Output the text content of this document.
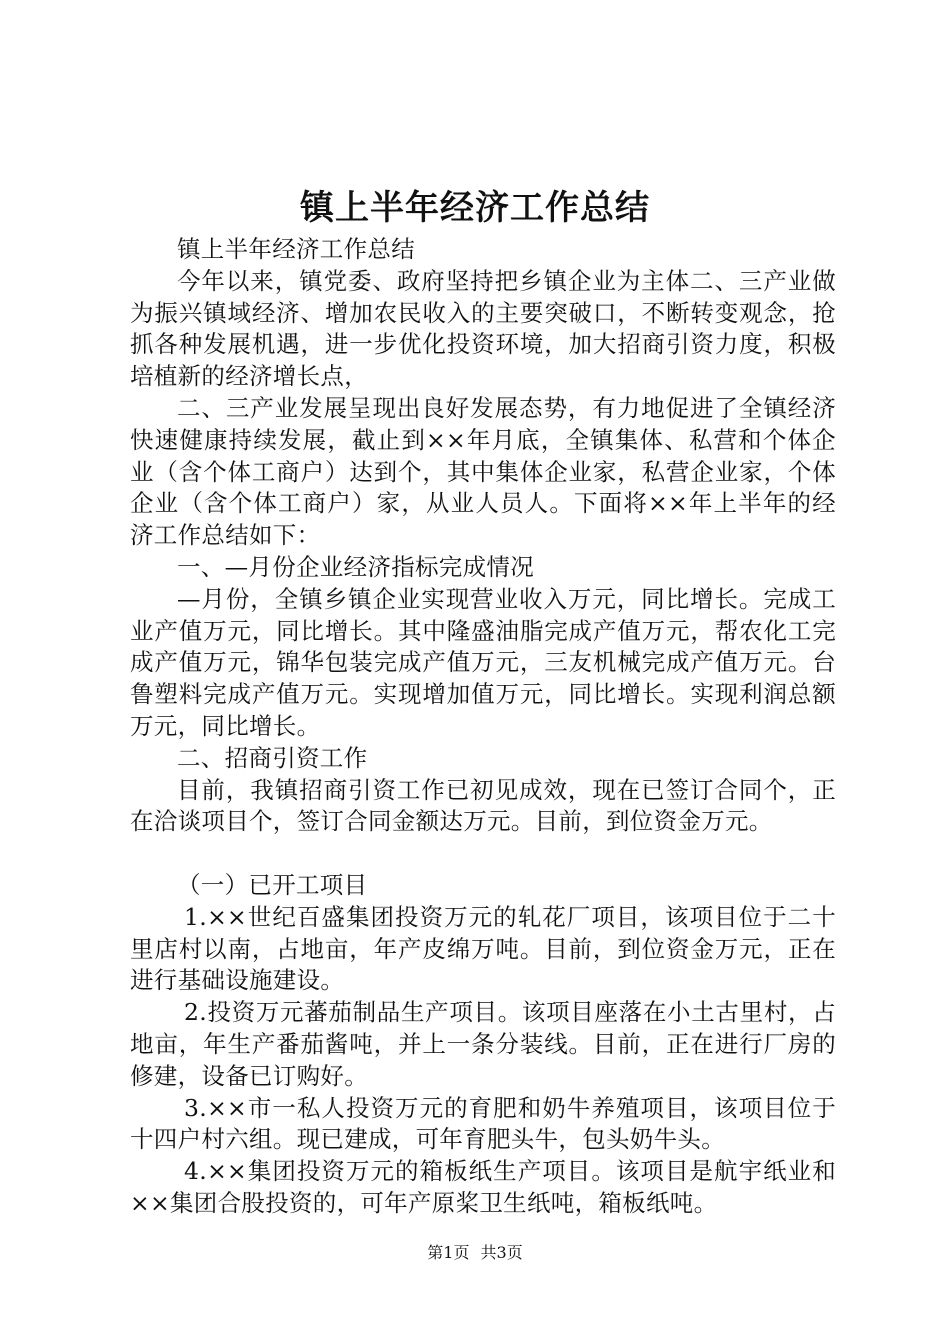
镇上半年经济工作总结

镇上半年经济工作总结

今年以来，镇党委、政府坚持把乡镇企业为主体二、三产业做为振兴镇域经济、增加农民收入的主要突破口，不断转变观念，抢抓各种发展机遇，进一步优化投资环境，加大招商引资力度，积极培植新的经济增长点，

二、三产业发展呈现出良好发展态势，有力地促进了全镇经济快速健康持续发展，截止到××年月底，全镇集体、私营和个体企业（含个体工商户）达到个，其中集体企业家，私营企业家，个体企业（含个体工商户）家，从业人员人。下面将××年上半年的经济工作总结如下：

一、—月份企业经济指标完成情况

—月份，全镇乡镇企业实现营业收入万元，同比增长。完成工业产值万元，同比增长。其中隆盛油脂完成产值万元，帮农化工完成产值万元，锦华包装完成产值万元，三友机械完成产值万元。台鲁塑料完成产值万元。实现增加值万元，同比增长。实现利润总额万元，同比增长。

二、招商引资工作

目前，我镇招商引资工作已初见成效，现在已签订合同个，正在洽谈项目个，签订合同金额达万元。目前，到位资金万元。

（一）已开工项目

1.××世纪百盛集团投资万元的轧花厂项目，该项目位于二十里店村以南，占地亩，年产皮绵万吨。目前，到位资金万元，正在进行基础设施建设。

2.投资万元蕃茄制品生产项目。该项目座落在小土古里村，占地亩，年生产番茄酱吨，并上一条分装线。目前，正在进行厂房的修建，设备已订购好。

3.××市一私人投资万元的育肥和奶牛养殖项目，该项目位于十四户村六组。现已建成，可年育肥头牛，包头奶牛头。

4.××集团投资万元的箱板纸生产项目。该项目是航宇纸业和××集团合股投资的，可年产原桨卫生纸吨，箱板纸吨。

第1页 共3页
